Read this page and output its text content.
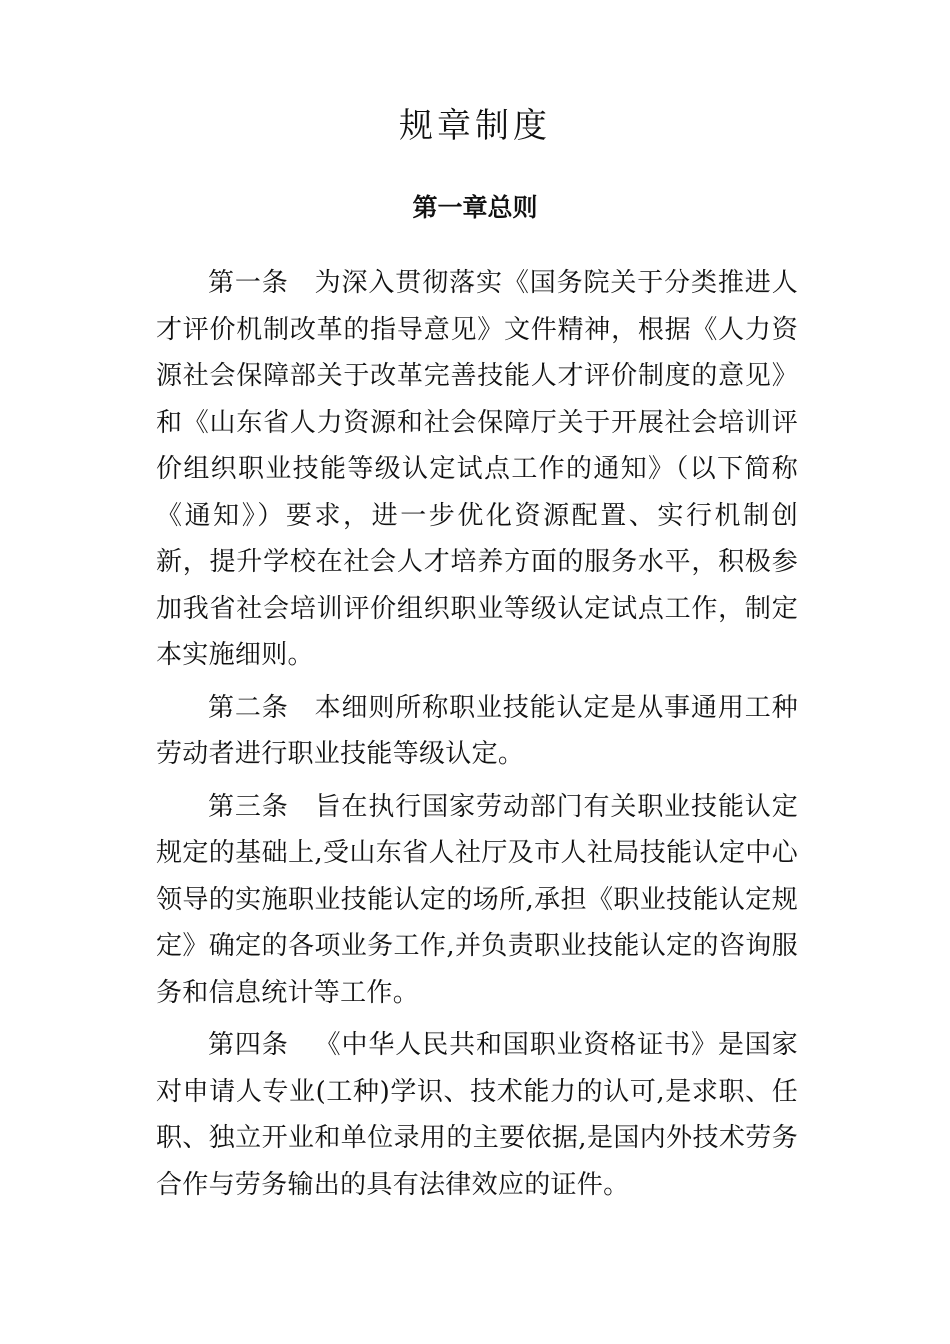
规章制度
第一章总则

第一条 为深入贯彻落实《国务院关于分类推进人才评价机制改革的指导意见》文件精神，根据《人力资源社会保障部关于改革完善技能人才评价制度的意见》和《山东省人力资源和社会保障厅关于开展社会培训评价组织职业技能等级认定试点工作的通知》（以下简称《通知》）要求，进一步优化资源配置、实行机制创新，提升学校在社会人才培养方面的服务水平，积极参加我省社会培训评价组织职业等级认定试点工作，制定本实施细则。

第二条 本细则所称职业技能认定是从事通用工种劳动者进行职业技能等级认定。

第三条 旨在执行国家劳动部门有关职业技能认定规定的基础上,受山东省人社厅及市人社局技能认定中心领导的实施职业技能认定的场所,承担《职业技能认定规定》确定的各项业务工作,并负责职业技能认定的咨询服务和信息统计等工作。

第四条 《中华人民共和国职业资格证书》是国家对申请人专业(工种)学识、技术能力的认可,是求职、任职、独立开业和单位录用的主要依据,是国内外技术劳务合作与劳务输出的具有法律效应的证件。
